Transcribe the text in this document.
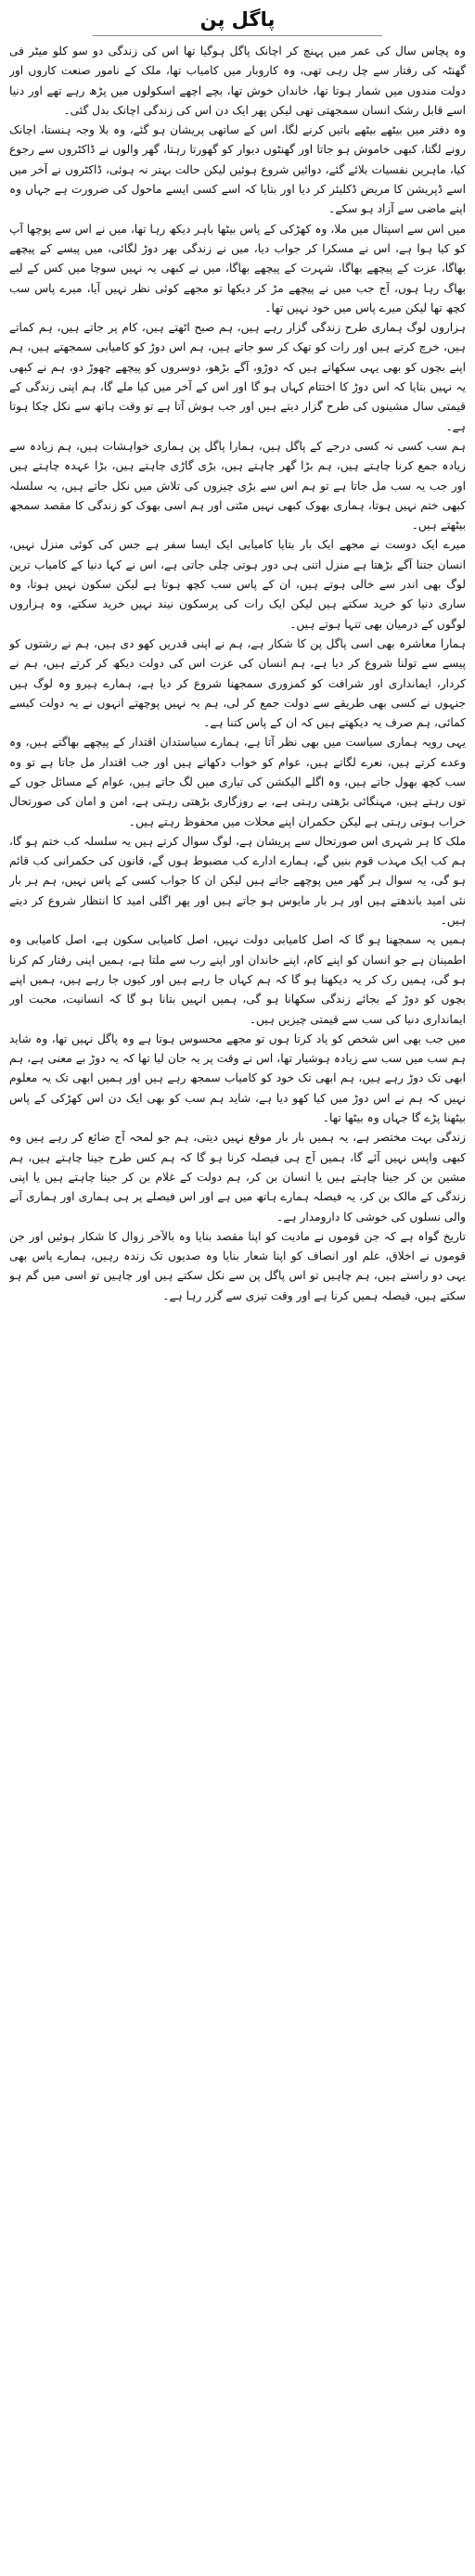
پاگل پن

وہ پچاس سال کی عمر میں پہنچ کر اچانک پاگل ہوگیا تھا اس کی زندگی دو سو کلو میٹر فی گھنٹہ کی رفتار سے چل رہی تھی، وہ کاروبار میں کامیاب تھا، ملک کے نامور صنعت کاروں اور دولت مندوں میں شمار ہوتا تھا، خاندان خوش تھا، بچے اچھے اسکولوں میں پڑھ رہے تھے اور دنیا اسے قابل رشک انسان سمجھتی تھی لیکن پھر ایک دن اس کی زندگی اچانک بدل گئی۔

وہ دفتر میں بیٹھے بیٹھے باتیں کرنے لگا، اس کے ساتھی پریشان ہو گئے، وہ بلا وجہ ہنستا، اچانک رونے لگتا، کبھی خاموش ہو جاتا اور گھنٹوں دیوار کو گھورتا رہتا، گھر والوں نے ڈاکٹروں سے رجوع کیا، ماہرین نفسیات بلائے گئے، دوائیں شروع ہوئیں لیکن حالت بہتر نہ ہوئی، ڈاکٹروں نے آخر میں اسے ڈپریشن کا مریض ڈکلیئر کر دیا اور بتایا کہ اسے کسی ایسے ماحول کی ضرورت ہے جہاں وہ اپنے ماضی سے آزاد ہو سکے۔

میں اس سے اسپتال میں ملا، وہ کھڑکی کے پاس بیٹھا باہر دیکھ رہا تھا، میں نے اس سے پوچھا آپ کو کیا ہوا ہے، اس نے مسکرا کر جواب دیا، میں نے زندگی بھر دوڑ لگائی، میں پیسے کے پیچھے بھاگا، عزت کے پیچھے بھاگا، شہرت کے پیچھے بھاگا، میں نے کبھی یہ نہیں سوچا میں کس کے لیے بھاگ رہا ہوں، آج جب میں نے پیچھے مڑ کر دیکھا تو مجھے کوئی نظر نہیں آیا، میرے پاس سب کچھ تھا لیکن میرے پاس میں خود نہیں تھا۔

ہزاروں لوگ ہماری طرح زندگی گزار رہے ہیں، ہم صبح اٹھتے ہیں، کام پر جاتے ہیں، ہم کماتے ہیں، خرچ کرتے ہیں اور رات کو تھک کر سو جاتے ہیں، ہم اس دوڑ کو کامیابی سمجھتے ہیں، ہم اپنے بچوں کو بھی یہی سکھاتے ہیں کہ دوڑو، آگے بڑھو، دوسروں کو پیچھے چھوڑ دو، ہم نے کبھی یہ نہیں بتایا کہ اس دوڑ کا اختتام کہاں ہو گا اور اس کے آخر میں کیا ملے گا، ہم اپنی زندگی کے قیمتی سال مشینوں کی طرح گزار دیتے ہیں اور جب ہوش آتا ہے تو وقت ہاتھ سے نکل چکا ہوتا ہے۔

ہم سب کسی نہ کسی درجے کے پاگل ہیں، ہمارا پاگل پن ہماری خواہشات ہیں، ہم زیادہ سے زیادہ جمع کرنا چاہتے ہیں، ہم بڑا گھر چاہتے ہیں، بڑی گاڑی چاہتے ہیں، بڑا عہدہ چاہتے ہیں اور جب یہ سب مل جاتا ہے تو ہم اس سے بڑی چیزوں کی تلاش میں نکل جاتے ہیں، یہ سلسلہ کبھی ختم نہیں ہوتا، ہماری بھوک کبھی نہیں مٹتی اور ہم اسی بھوک کو زندگی کا مقصد سمجھ بیٹھتے ہیں۔

میرے ایک دوست نے مجھے ایک بار بتایا کامیابی ایک ایسا سفر ہے جس کی کوئی منزل نہیں، انسان جتنا آگے بڑھتا ہے منزل اتنی ہی دور ہوتی چلی جاتی ہے، اس نے کہا دنیا کے کامیاب ترین لوگ بھی اندر سے خالی ہوتے ہیں، ان کے پاس سب کچھ ہوتا ہے لیکن سکون نہیں ہوتا، وہ ساری دنیا کو خرید سکتے ہیں لیکن ایک رات کی پرسکون نیند نہیں خرید سکتے، وہ ہزاروں لوگوں کے درمیان بھی تنہا ہوتے ہیں۔

ہمارا معاشرہ بھی اسی پاگل پن کا شکار ہے، ہم نے اپنی قدریں کھو دی ہیں، ہم نے رشتوں کو پیسے سے تولنا شروع کر دیا ہے، ہم انسان کی عزت اس کی دولت دیکھ کر کرتے ہیں، ہم نے کردار، ایمانداری اور شرافت کو کمزوری سمجھنا شروع کر دیا ہے، ہمارے ہیرو وہ لوگ ہیں جنہوں نے کسی بھی طریقے سے دولت جمع کر لی، ہم یہ نہیں پوچھتے انہوں نے یہ دولت کیسے کمائی، ہم صرف یہ دیکھتے ہیں کہ ان کے پاس کتنا ہے۔

یہی رویہ ہماری سیاست میں بھی نظر آتا ہے، ہمارے سیاستدان اقتدار کے پیچھے بھاگتے ہیں، وہ وعدے کرتے ہیں، نعرے لگاتے ہیں، عوام کو خواب دکھاتے ہیں اور جب اقتدار مل جاتا ہے تو وہ سب کچھ بھول جاتے ہیں، وہ اگلے الیکشن کی تیاری میں لگ جاتے ہیں، عوام کے مسائل جوں کے توں رہتے ہیں، مہنگائی بڑھتی رہتی ہے، بے روزگاری بڑھتی رہتی ہے، امن و امان کی صورتحال خراب ہوتی رہتی ہے لیکن حکمران اپنے محلات میں محفوظ رہتے ہیں۔

ملک کا ہر شہری اس صورتحال سے پریشان ہے، لوگ سوال کرتے ہیں یہ سلسلہ کب ختم ہو گا، ہم کب ایک مہذب قوم بنیں گے، ہمارے ادارے کب مضبوط ہوں گے، قانون کی حکمرانی کب قائم ہو گی، یہ سوال ہر گھر میں پوچھے جاتے ہیں لیکن ان کا جواب کسی کے پاس نہیں، ہم ہر بار نئی امید باندھتے ہیں اور ہر بار مایوس ہو جاتے ہیں اور پھر اگلی امید کا انتظار شروع کر دیتے ہیں۔

ہمیں یہ سمجھنا ہو گا کہ اصل کامیابی دولت نہیں، اصل کامیابی سکون ہے، اصل کامیابی وہ اطمینان ہے جو انسان کو اپنے کام، اپنے خاندان اور اپنے رب سے ملتا ہے، ہمیں اپنی رفتار کم کرنا ہو گی، ہمیں رک کر یہ دیکھنا ہو گا کہ ہم کہاں جا رہے ہیں اور کیوں جا رہے ہیں، ہمیں اپنے بچوں کو دوڑ کے بجائے زندگی سکھانا ہو گی، ہمیں انہیں بتانا ہو گا کہ انسانیت، محبت اور ایمانداری دنیا کی سب سے قیمتی چیزیں ہیں۔

میں جب بھی اس شخص کو یاد کرتا ہوں تو مجھے محسوس ہوتا ہے وہ پاگل نہیں تھا، وہ شاید ہم سب میں سب سے زیادہ ہوشیار تھا، اس نے وقت پر یہ جان لیا تھا کہ یہ دوڑ بے معنی ہے، ہم ابھی تک دوڑ رہے ہیں، ہم ابھی تک خود کو کامیاب سمجھ رہے ہیں اور ہمیں ابھی تک یہ معلوم نہیں کہ ہم نے اس دوڑ میں کیا کھو دیا ہے، شاید ہم سب کو بھی ایک دن اس کھڑکی کے پاس بیٹھنا پڑے گا جہاں وہ بیٹھا تھا۔

زندگی بہت مختصر ہے، یہ ہمیں بار بار موقع نہیں دیتی، ہم جو لمحہ آج ضائع کر رہے ہیں وہ کبھی واپس نہیں آئے گا، ہمیں آج ہی فیصلہ کرنا ہو گا کہ ہم کس طرح جینا چاہتے ہیں، ہم مشین بن کر جینا چاہتے ہیں یا انسان بن کر، ہم دولت کے غلام بن کر جینا چاہتے ہیں یا اپنی زندگی کے مالک بن کر، یہ فیصلہ ہمارے ہاتھ میں ہے اور اس فیصلے پر ہی ہماری اور ہماری آنے والی نسلوں کی خوشی کا دارومدار ہے۔

تاریخ گواہ ہے کہ جن قوموں نے مادیت کو اپنا مقصد بنایا وہ بالآخر زوال کا شکار ہوئیں اور جن قوموں نے اخلاق، علم اور انصاف کو اپنا شعار بنایا وہ صدیوں تک زندہ رہیں، ہمارے پاس بھی یہی دو راستے ہیں، ہم چاہیں تو اس پاگل پن سے نکل سکتے ہیں اور چاہیں تو اسی میں گم ہو سکتے ہیں، فیصلہ ہمیں کرنا ہے اور وقت تیزی سے گزر رہا ہے۔
